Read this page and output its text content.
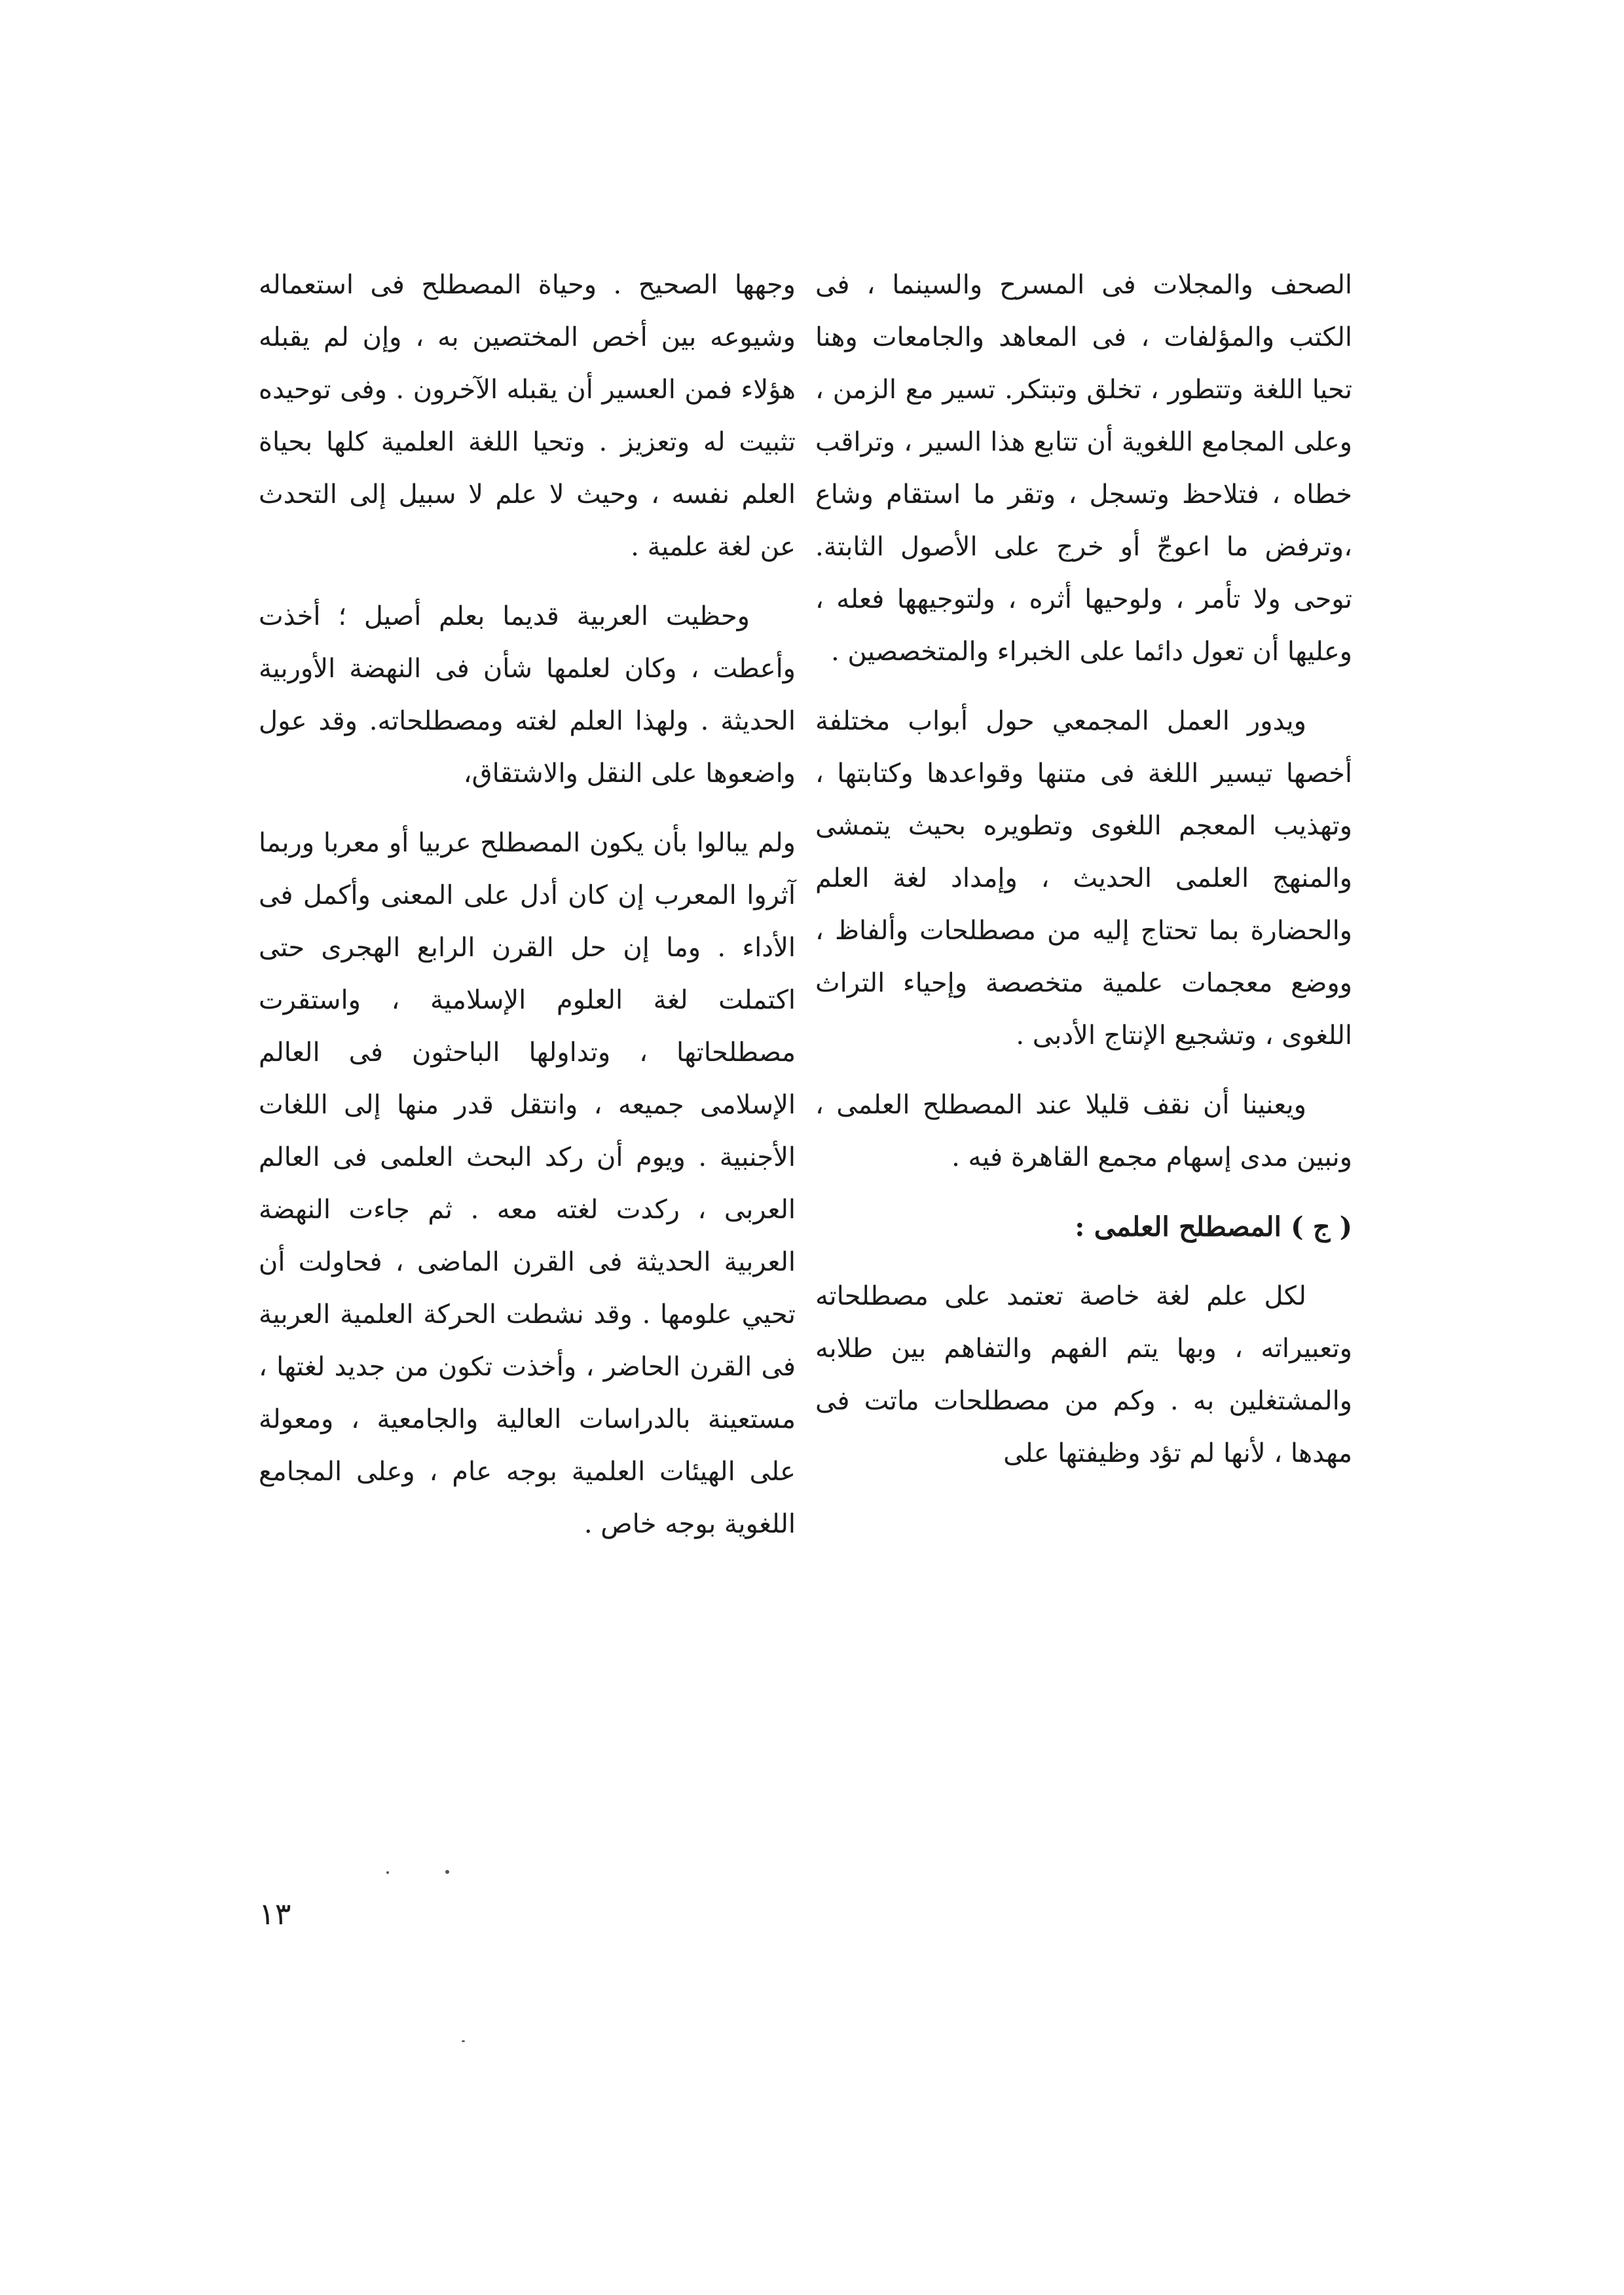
الصحف والمجلات فى المسرح والسينما ، فى الكتب والمؤلفات ، فى المعاهد والجامعات وهنا تحيا اللغة وتتطور ، تخلق وتبتكر. تسير مع الزمن ، وعلى المجامع اللغوية أن تتابع هذا السير ، وتراقب خطاه ، فتلاحظ وتسجل ، وتقر ما استقام وشاع ،وترفض ما اعوجّ أو خرج على الأصول الثابتة. توحى ولا تأمر ، ولوحيها أثره ، ولتوجيهها فعله ، وعليها أن تعول دائما على الخبراء والمتخصصين .

ويدور العمل المجمعي حول أبواب مختلفة أخصها تيسير اللغة فى متنها وقواعدها وكتابتها ، وتهذيب المعجم اللغوى وتطويره بحيث يتمشى والمنهج العلمى الحديث ، وإمداد لغة العلم والحضارة بما تحتاج إليه من مصطلحات وألفاظ ، ووضع معجمات علمية متخصصة وإحياء التراث اللغوى ، وتشجيع الإنتاج الأدبى .

ويعنينا أن نقف قليلا عند المصطلح العلمى ، ونبين مدى إسهام مجمع القاهرة فيه .

( ج ) المصطلح العلمى :

لكل علم لغة خاصة تعتمد على مصطلحاته وتعبيراته ، وبها يتم الفهم والتفاهم بين طلابه والمشتغلين به . وكم من مصطلحات ماتت فى مهدها ، لأنها لم تؤد وظيفتها على

وجهها الصحيح . وحياة المصطلح فى استعماله وشيوعه بين أخص المختصين به ، وإن لم يقبله هؤلاء فمن العسير أن يقبله الآخرون . وفى توحيده تثبيت له وتعزيز . وتحيا اللغة العلمية كلها بحياة العلم نفسه ، وحيث لا علم لا سبيل إلى التحدث عن لغة علمية .

وحظيت العربية قديما بعلم أصيل ؛ أخذت وأعطت ، وكان لعلمها شأن فى النهضة الأوربية الحديثة . ولهذا العلم لغته ومصطلحاته. وقد عول واضعوها على النقل والاشتقاق،

ولم يبالوا بأن يكون المصطلح عربيا أو معربا وربما آثروا المعرب إن كان أدل على المعنى وأكمل فى الأداء . وما إن حل القرن الرابع الهجرى حتى اكتملت لغة العلوم الإسلامية ، واستقرت مصطلحاتها ، وتداولها الباحثون فى العالم الإسلامى جميعه ، وانتقل قدر منها إلى اللغات الأجنبية . ويوم أن ركد البحث العلمى فى العالم العربى ، ركدت لغته معه . ثم جاءت النهضة العربية الحديثة فى القرن الماضى ، فحاولت أن تحيي علومها . وقد نشطت الحركة العلمية العربية فى القرن الحاضر ، وأخذت تكون من جديد لغتها ، مستعينة بالدراسات العالية والجامعية ، ومعولة على الهيئات العلمية بوجه عام ، وعلى المجامع اللغوية بوجه خاص .

١٣
